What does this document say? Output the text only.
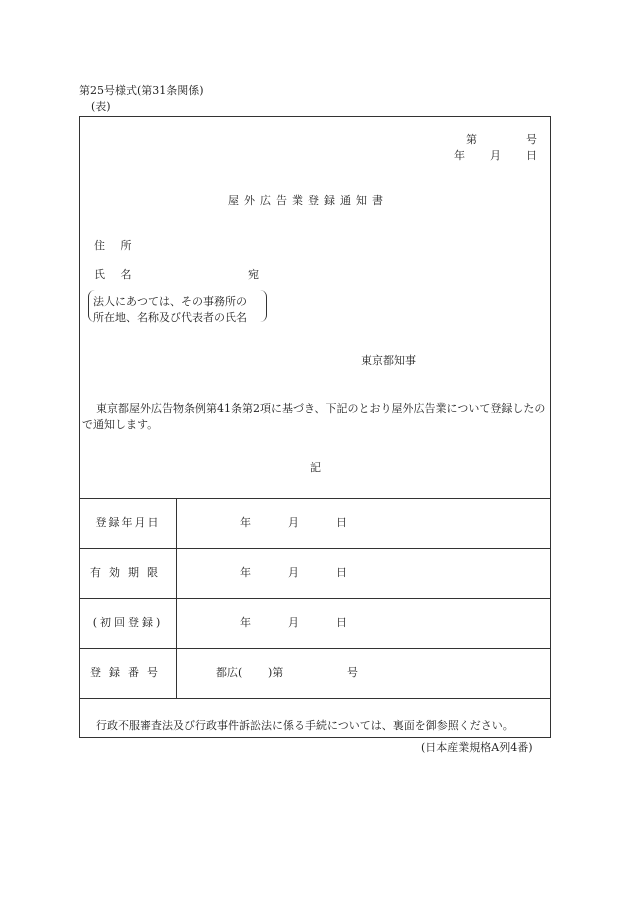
第25号様式(第31条関係)
(表)
第	号
年 月 日
屋外広告業登録通知書
住 所
氏 名	宛
法人にあつては、その事務所の
所在地、名称及び代表者の氏名
東京都知事
東京都屋外広告物条例第41条第2項に基づき、下記のとおり屋外広告業について登録したので通知します。
記
登録年月日	年	月	日
有効期限	年	月	日
(初回登録)	年	月	日
登録番号	都広( )第	号
行政不服審査法及び行政事件訴訟法に係る手続については、裏面を御参照ください。
(日本産業規格A列4番)
